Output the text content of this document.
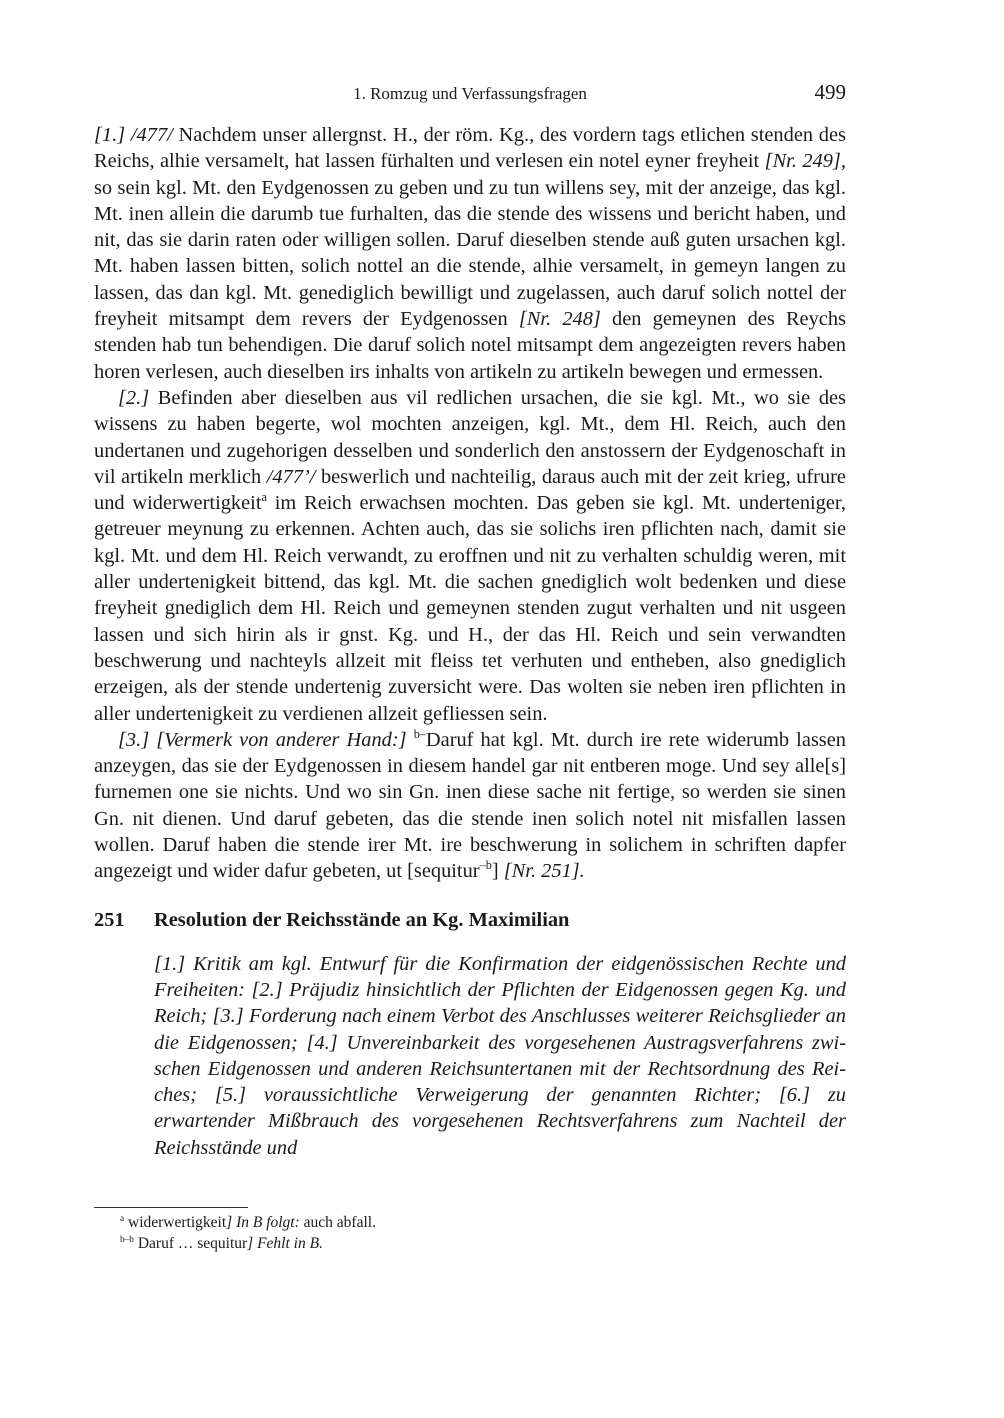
1. Romzug und Verfassungsfragen	499

[1.] /477/ Nachdem unser allergnst. H., der röm. Kg., des vordern tags etlichen stenden des Reichs, alhie versamelt, hat lassen fürhalten und verlesen ein notel eyner freyheit [Nr. 249], so sein kgl. Mt. den Eydgenossen zu geben und zu tun willens sey, mit der anzeige, das kgl. Mt. inen allein die darumb tue furhalten, das die stende des wissens und bericht haben, und nit, das sie darin raten oder willigen sollen. Daruf dieselben stende auß guten ursachen kgl. Mt. haben lassen bitten, solich nottel an die stende, alhie versamelt, in gemeyn langen zu lassen, das dan kgl. Mt. genediglich bewilligt und zugelassen, auch daruf solich nottel der freyheit mitsampt dem revers der Eydgenossen [Nr. 248] den gemeynen des Reychs stenden hab tun behendigen. Die daruf solich notel mitsampt dem angezeigten revers haben horen verlesen, auch dieselben irs inhalts von artikeln zu artikeln bewegen und ermessen.

[2.] Befinden aber dieselben aus vil redlichen ursachen, die sie kgl. Mt., wo sie des wissens zu haben begerte, wol mochten anzeigen, kgl. Mt., dem Hl. Reich, auch den undertanen und zugehorigen desselben und sonderlich den anstossern der Eydgenoschaft in vil artikeln merklich /477’/ beswerlich und nachteilig, daraus auch mit der zeit krieg, ufrure und widerwertigkeit$^a$ im Reich erwachsen mochten. Das geben sie kgl. Mt. underteniger, getreuer meynung zu erkennen. Achten auch, das sie solichs iren pflichten nach, damit sie kgl. Mt. und dem Hl. Reich verwandt, zu eroffnen und nit zu verhalten schuldig weren, mit aller undertenigkeit bittend, das kgl. Mt. die sachen gnediglich wolt bedenken und diese freyheit gnediglich dem Hl. Reich und gemeynen stenden zugut verhalten und nit usgeen lassen und sich hirin als ir gnst. Kg. und H., der das Hl. Reich und sein verwandten beschwerung und nachteyls allzeit mit fleiss tet verhuten und entheben, also gnediglich erzeigen, als der stende undertenig zuversicht were. Das wolten sie neben iren pflichten in aller undertenigkeit zu verdienen allzeit gefliessen sein.

[3.] [Vermerk von anderer Hand:] $^{b-}$Daruf hat kgl. Mt. durch ire rete widerumb lassen anzeygen, das sie der Eydgenossen in diesem handel gar nit entberen moge. Und sey alle[s] furnemen one sie nichts. Und wo sin Gn. inen diese sache nit fertige, so werden sie sinen Gn. nit dienen. Und daruf gebeten, das die stende inen solich notel nit misfallen lassen wollen. Daruf haben die stende irer Mt. ire beschwerung in solichem in schriften dapfer angezeigt und wider dafur gebeten, ut [sequitur$^{-b}$] [Nr. 251].

251 Resolution der Reichsstände an Kg. Maximilian
[1.] Kritik am kgl. Entwurf für die Konfirmation der eidgenössischen Rechte und Freiheiten: [2.] Präjudiz hinsichtlich der Pflichten der Eidgenossen gegen Kg. und Reich; [3.] Forderung nach einem Verbot des Anschlusses weiterer Reichsglieder an die Eidgenossen; [4.] Unvereinbarkeit des vorgesehenen Austragsverfahrens zwi-schen Eidgenossen und anderen Reichsuntertanen mit der Rechtsordnung des Rei-ches; [5.] voraussichtliche Verweigerung der genannten Richter; [6.] zu erwartender Mißbrauch des vorgesehenen Rechtsverfahrens zum Nachteil der Reichsstände und

$^a$ widerwertigkeit] In B folgt: auch abfall.

$^{b-b}$ Daruf … sequitur] Fehlt in B.
